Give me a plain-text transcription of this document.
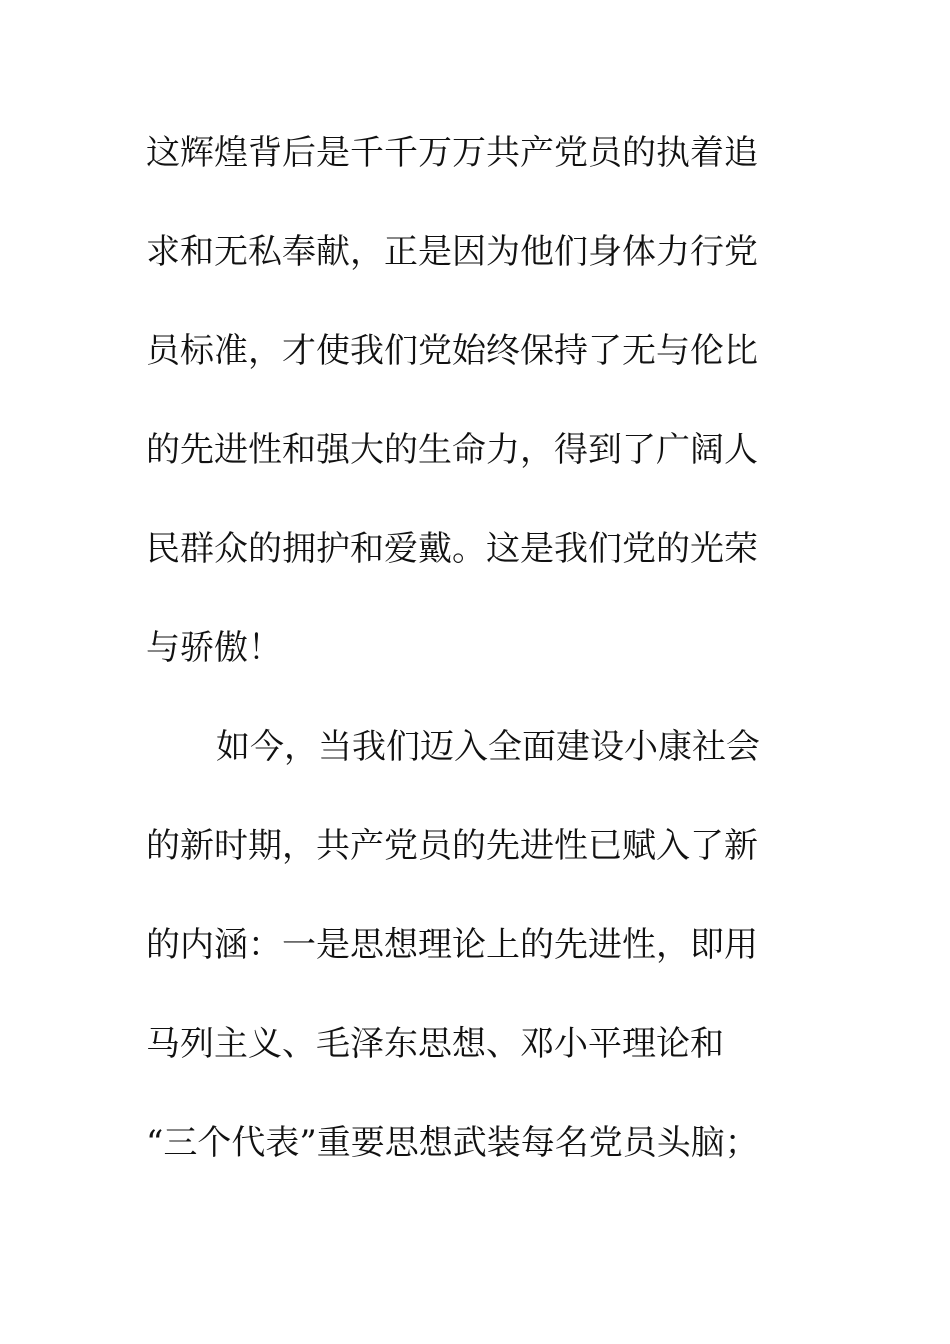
这辉煌背后是千千万万共产党员的执着追
求和无私奉献，正是因为他们身体力行党
员标准，才使我们党始终保持了无与伦比
的先进性和强大的生命力，得到了广阔人
民群众的拥护和爱戴。这是我们党的光荣
与骄傲！
如今，当我们迈入全面建设小康社会
的新时期，共产党员的先进性已赋入了新
的内涵：一是思想理论上的先进性，即用
马列主义、毛泽东思想、邓小平理论和
“三个代表”重要思想武装每名党员头脑；
